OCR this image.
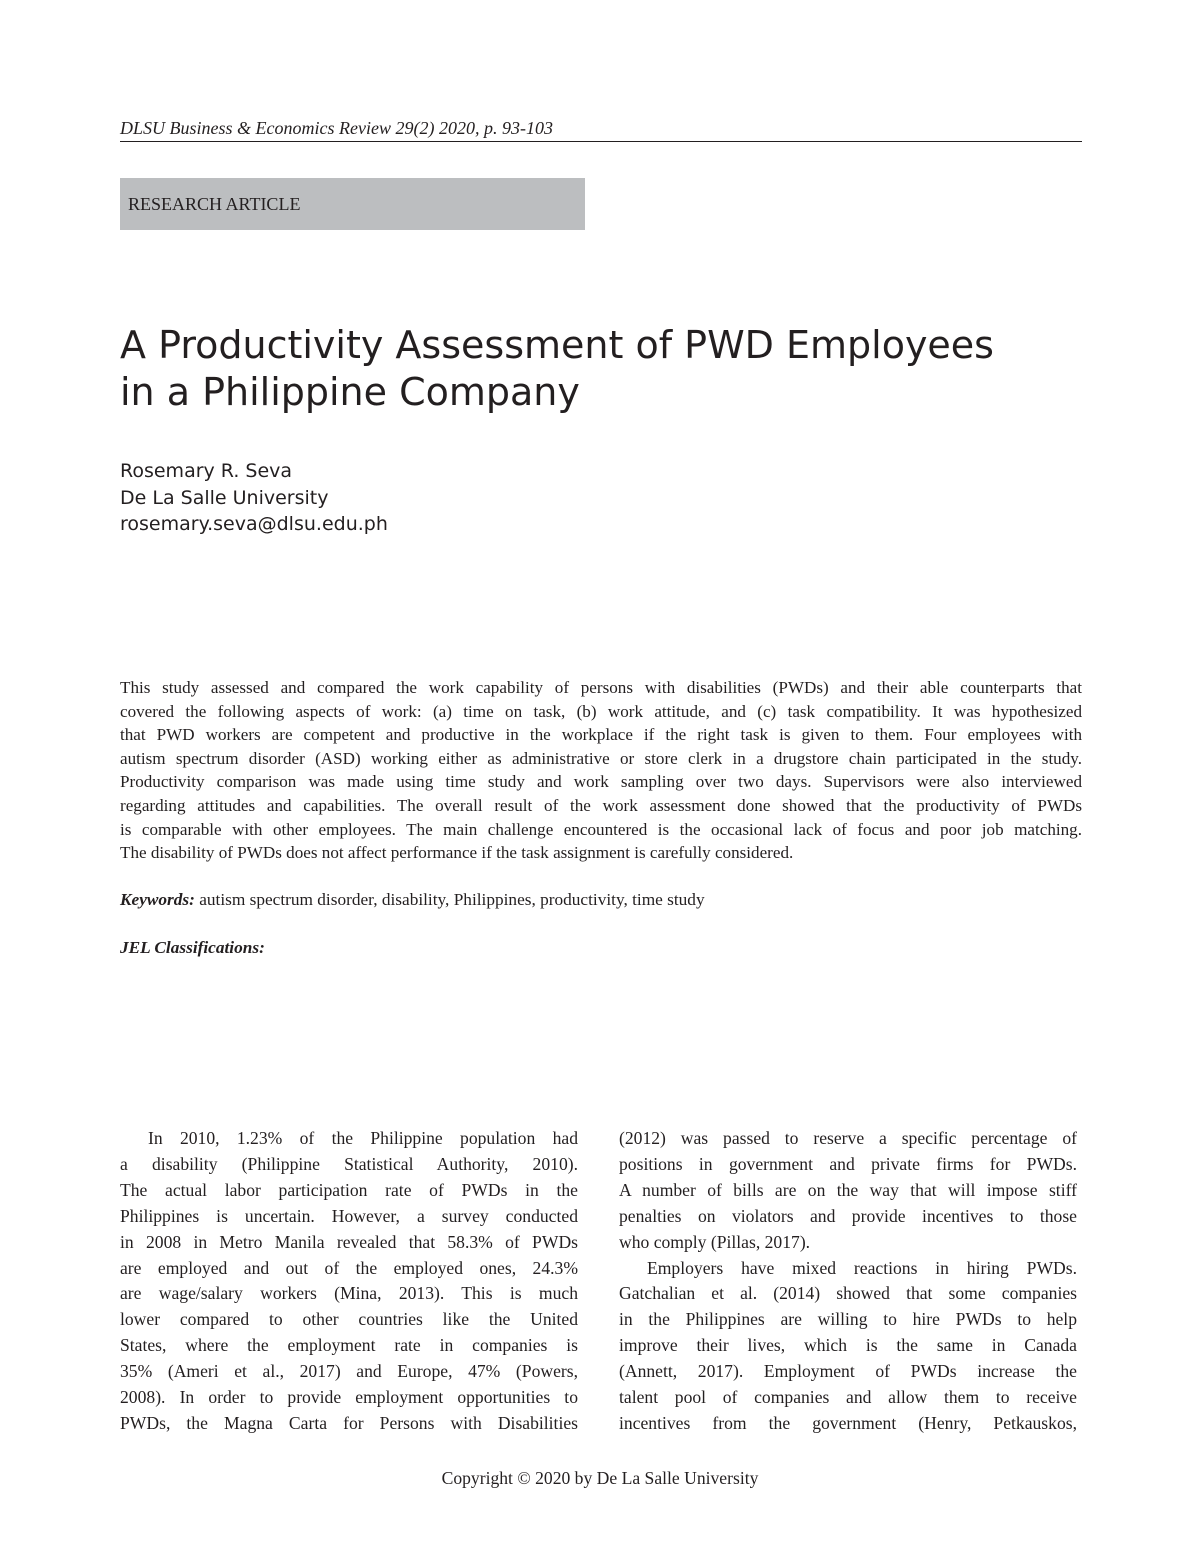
DLSU Business & Economics Review 29(2) 2020, p. 93-103
RESEARCH ARTICLE
A Productivity Assessment of PWD Employees
in a Philippine Company
Rosemary R. Seva
De La Salle University
rosemary.seva@dlsu.edu.ph
This study assessed and compared the work capability of persons with disabilities (PWDs) and their able counterparts that
covered the following aspects of work: (a) time on task, (b) work attitude, and (c) task compatibility. It was hypothesized
that PWD workers are competent and productive in the workplace if the right task is given to them. Four employees with
autism spectrum disorder (ASD) working either as administrative or store clerk in a drugstore chain participated in the study.
Productivity comparison was made using time study and work sampling over two days. Supervisors were also interviewed
regarding attitudes and capabilities. The overall result of the work assessment done showed that the productivity of PWDs
is comparable with other employees. The main challenge encountered is the occasional lack of focus and poor job matching.
The disability of PWDs does not affect performance if the task assignment is carefully considered.
Keywords: autism spectrum disorder, disability, Philippines, productivity, time study
JEL Classifications:
In 2010, 1.23% of the Philippine population had
a disability (Philippine Statistical Authority, 2010).
The actual labor participation rate of PWDs in the
Philippines is uncertain. However, a survey conducted
in 2008 in Metro Manila revealed that 58.3% of PWDs
are employed and out of the employed ones, 24.3%
are wage/salary workers (Mina, 2013). This is much
lower compared to other countries like the United
States, where the employment rate in companies is
35% (Ameri et al., 2017) and Europe, 47% (Powers,
2008). In order to provide employment opportunities to
PWDs, the Magna Carta for Persons with Disabilities
(2012) was passed to reserve a specific percentage of
positions in government and private firms for PWDs.
A number of bills are on the way that will impose stiff
penalties on violators and provide incentives to those
who comply (Pillas, 2017).
Employers have mixed reactions in hiring PWDs.
Gatchalian et al. (2014) showed that some companies
in the Philippines are willing to hire PWDs to help
improve their lives, which is the same in Canada
(Annett, 2017). Employment of PWDs increase the
talent pool of companies and allow them to receive
incentives from the government (Henry, Petkauskos,
Copyright © 2020 by De La Salle University
